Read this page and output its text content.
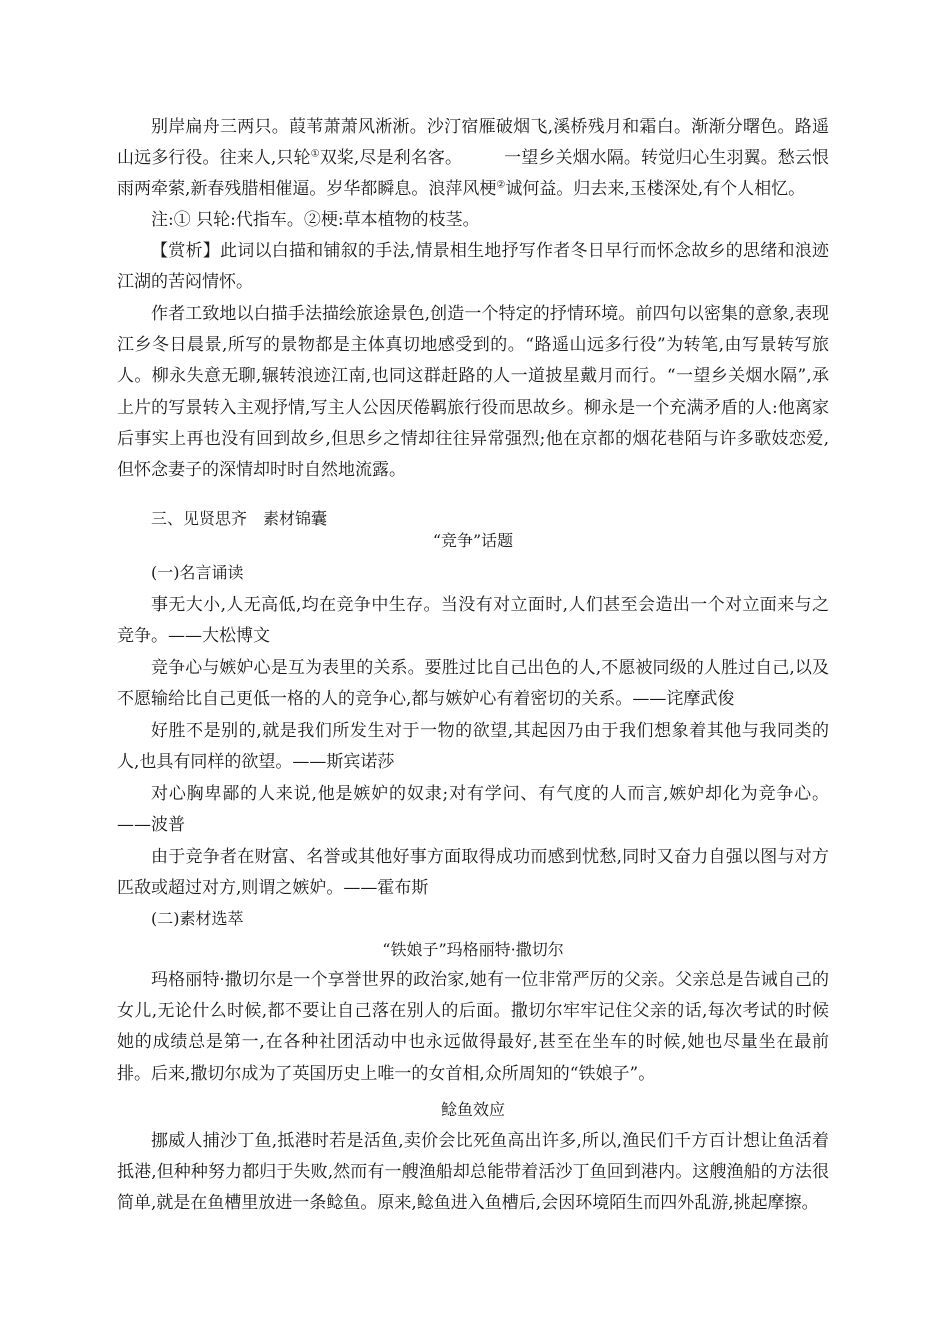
别岸扁舟三两只。葭苇萧萧风淅淅。沙汀宿雁破烟飞,溪桥残月和霜白。渐渐分曙色。路遥山远多行役。往来人,只轮①双桨,尽是利名客。 一望乡关烟水隔。转觉归心生羽翼。愁云恨雨两牵萦,新春残腊相催逼。岁华都瞬息。浪萍风梗②诚何益。归去来,玉楼深处,有个人相忆。

注:① 只轮:代指车。②梗:草本植物的枝茎。

【赏析】此词以白描和铺叙的手法,情景相生地抒写作者冬日早行而怀念故乡的思绪和浪迹江湖的苦闷情怀。

作者工致地以白描手法描绘旅途景色,创造一个特定的抒情环境。前四句以密集的意象,表现江乡冬日晨景,所写的景物都是主体真切地感受到的。“路遥山远多行役”为转笔,由写景转写旅人。柳永失意无聊,辗转浪迹江南,也同这群赶路的人一道披星戴月而行。“一望乡关烟水隔”,承上片的写景转入主观抒情,写主人公因厌倦羁旅行役而思故乡。柳永是一个充满矛盾的人:他离家后事实上再也没有回到故乡,但思乡之情却往往异常强烈;他在京都的烟花巷陌与许多歌妓恋爱,但怀念妻子的深情却时时自然地流露。

三、见贤思齐　素材锦囊

“竞争”话题

(一)名言诵读

事无大小,人无高低,均在竞争中生存。当没有对立面时,人们甚至会造出一个对立面来与之竞争。——大松博文

竞争心与嫉妒心是互为表里的关系。要胜过比自己出色的人,不愿被同级的人胜过自己,以及不愿输给比自己更低一格的人的竞争心,都与嫉妒心有着密切的关系。——诧摩武俊

好胜不是别的,就是我们所发生对于一物的欲望,其起因乃由于我们想象着其他与我同类的人,也具有同样的欲望。——斯宾诺莎

对心胸卑鄙的人来说,他是嫉妒的奴隶;对有学问、有气度的人而言,嫉妒却化为竞争心。——波普

由于竞争者在财富、名誉或其他好事方面取得成功而感到忧愁,同时又奋力自强以图与对方匹敌或超过对方,则谓之嫉妒。——霍布斯

(二)素材选萃

“铁娘子”玛格丽特·撒切尔

玛格丽特·撒切尔是一个享誉世界的政治家,她有一位非常严厉的父亲。父亲总是告诫自己的女儿,无论什么时候,都不要让自己落在别人的后面。撒切尔牢牢记住父亲的话,每次考试的时候她的成绩总是第一,在各种社团活动中也永远做得最好,甚至在坐车的时候,她也尽量坐在最前排。后来,撒切尔成为了英国历史上唯一的女首相,众所周知的“铁娘子”。

鲶鱼效应

挪威人捕沙丁鱼,抵港时若是活鱼,卖价会比死鱼高出许多,所以,渔民们千方百计想让鱼活着抵港,但种种努力都归于失败,然而有一艘渔船却总能带着活沙丁鱼回到港内。这艘渔船的方法很简单,就是在鱼槽里放进一条鲶鱼。原来,鲶鱼进入鱼槽后,会因环境陌生而四外乱游,挑起摩擦。
